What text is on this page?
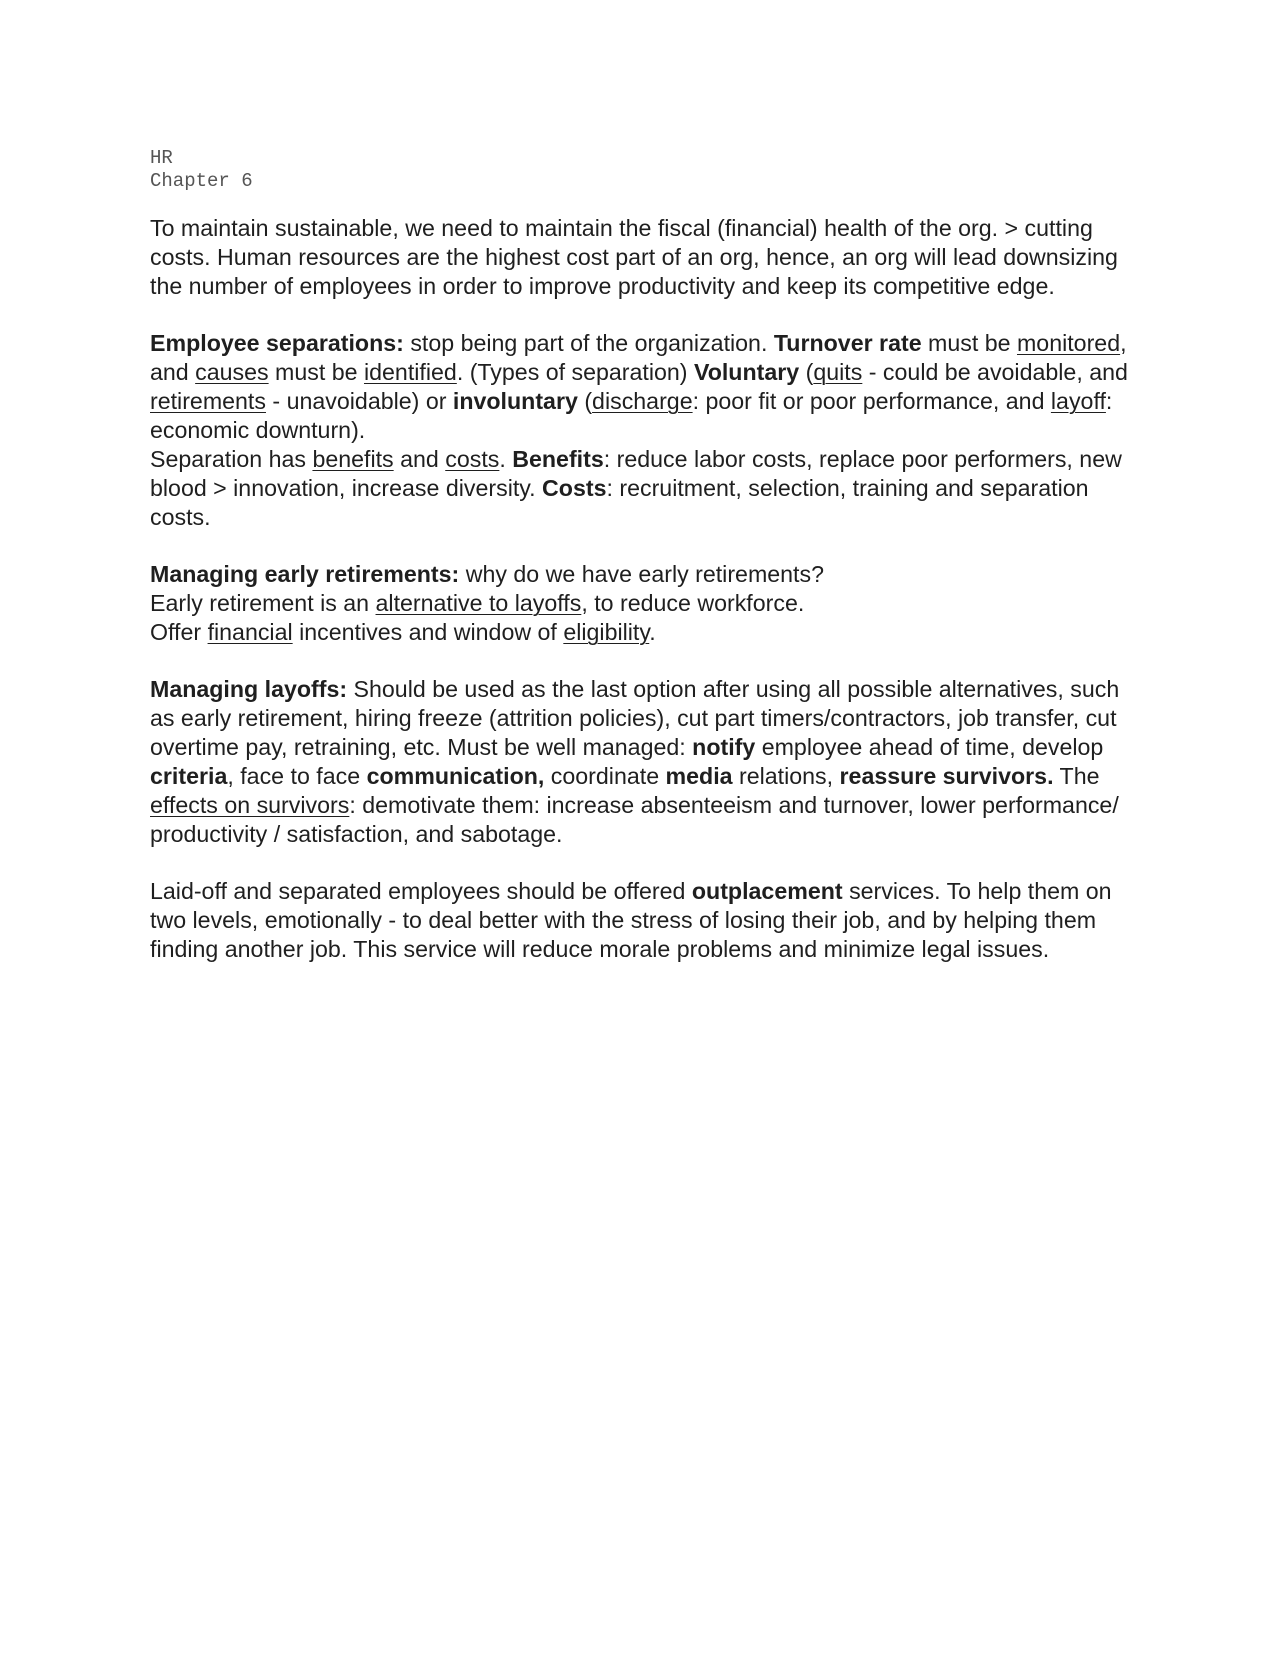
HR
Chapter 6

To maintain sustainable, we need to maintain the fiscal (financial) health of the org. > cutting costs. Human resources are the highest cost part of an org, hence, an org will lead downsizing the number of employees in order to improve productivity and keep its competitive edge.

Employee separations: stop being part of the organization. Turnover rate must be monitored, and causes must be identified. (Types of separation) Voluntary (quits - could be avoidable, and retirements - unavoidable) or involuntary (discharge: poor fit or poor performance, and layoff: economic downturn).

Separation has benefits and costs. Benefits: reduce labor costs, replace poor performers, new blood > innovation, increase diversity. Costs: recruitment, selection, training and separation costs.

Managing early retirements: why do we have early retirements?
Early retirement is an alternative to layoffs, to reduce workforce.
Offer financial incentives and window of eligibility.

Managing layoffs: Should be used as the last option after using all possible alternatives, such as early retirement, hiring freeze (attrition policies), cut part timers/contractors, job transfer, cut overtime pay, retraining, etc. Must be well managed: notify employee ahead of time, develop criteria, face to face communication, coordinate media relations, reassure survivors. The effects on survivors: demotivate them: increase absenteeism and turnover, lower performance/ productivity / satisfaction, and sabotage.

Laid-off and separated employees should be offered outplacement services. To help them on two levels, emotionally - to deal better with the stress of losing their job, and by helping them finding another job. This service will reduce morale problems and minimize legal issues.
